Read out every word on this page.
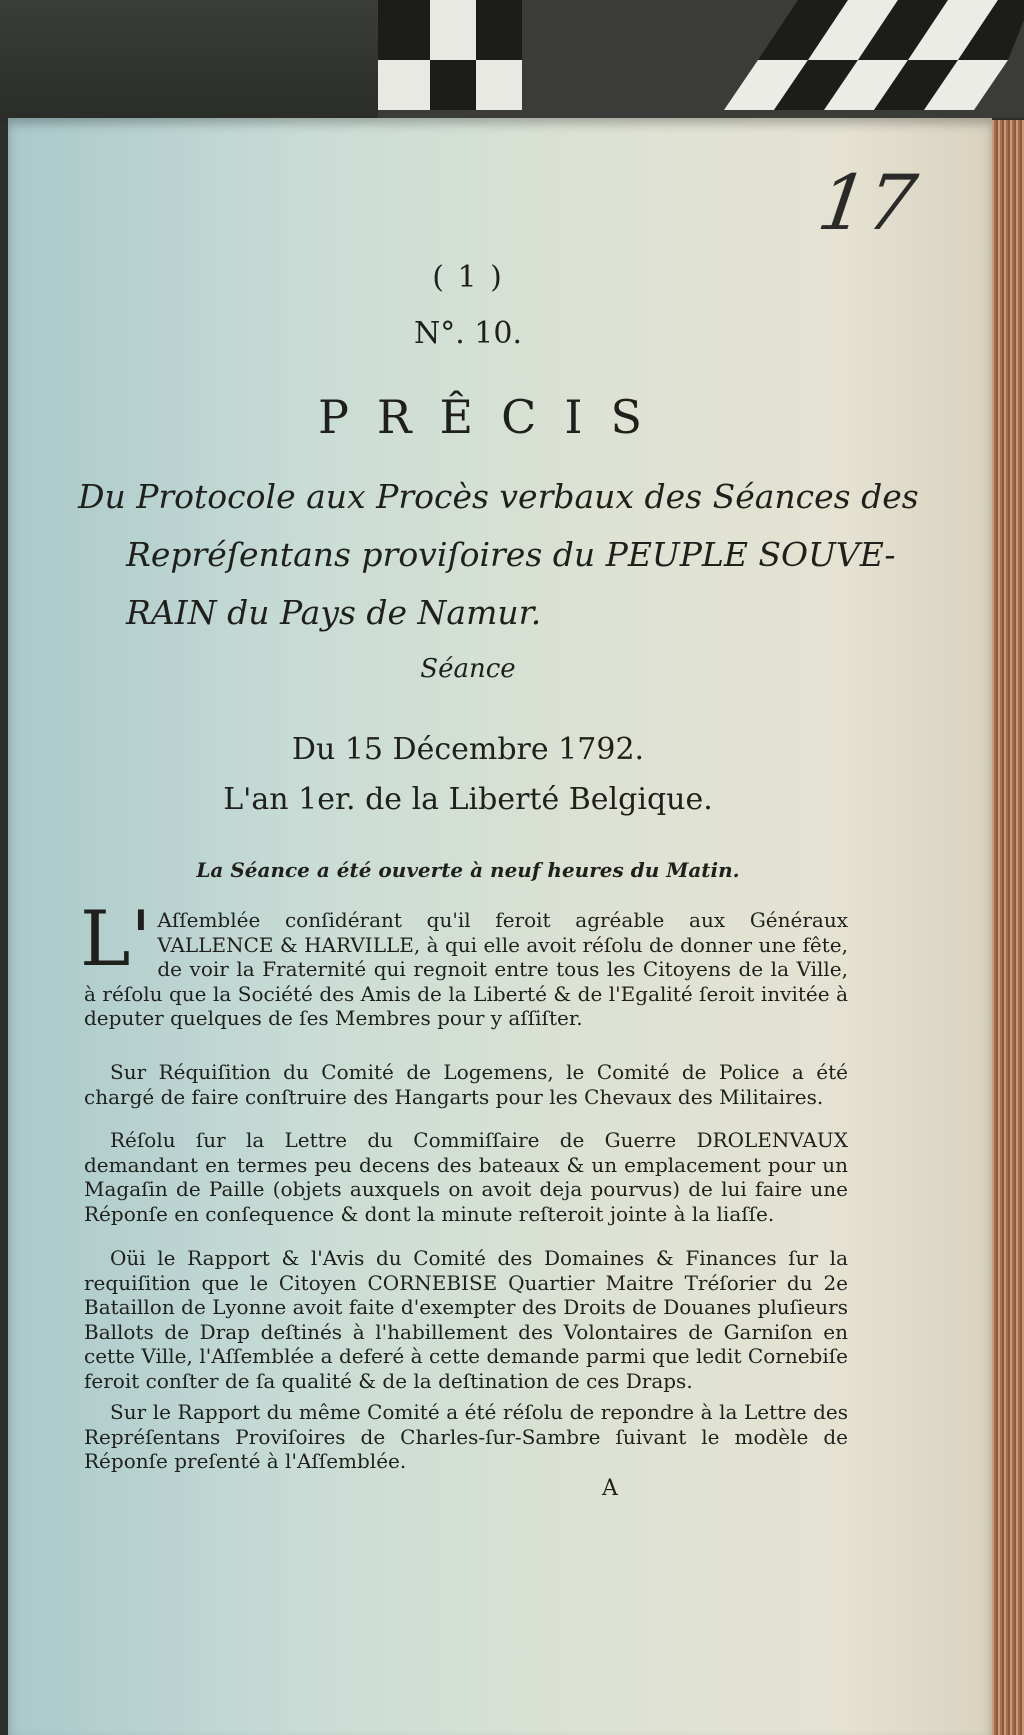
17
( 1 )
N°. 10.
PRÊCIS
Du Protocole aux Procès verbaux des Séances des
Repréſentans proviſoires du PEUPLE SOUVE-
RAIN du Pays de Namur.
Séance
Du 15 Décembre 1792.
L'an 1er. de la Liberté Belgique.
La Séance a été ouverte à neuf heures du Matin.
L' Aſſemblée conſidérant qu'il feroit agréable aux Généraux VALLENCE & HARVILLE, à qui elle avoit réſolu de donner une fête, de voir la Fraternité qui regnoit entre tous les Citoyens de la Ville, à réſolu que la Société des Amis de la Liberté & de l'Egalité ſeroit invitée à deputer quelques de ſes Membres pour y aſſiſter.
Sur Réquiſition du Comité de Logemens, le Comité de Police a été chargé de faire conſtruire des Hangarts pour les Chevaux des Militaires.
Réſolu ſur la Lettre du Commiſſaire de Guerre DROLENVAUX demandant en termes peu decens des bateaux & un emplacement pour un Magaſin de Paille (objets auxquels on avoit deja pourvus) de lui faire une Réponſe en conſequence & dont la minute reſteroit jointe à la liaſſe.
Oüi le Rapport & l'Avis du Comité des Domaines & Finances ſur la requiſition que le Citoyen CORNEBISE Quartier Maitre Tréſorier du 2e Bataillon de Lyonne avoit faite d'exempter des Droits de Douanes pluſieurs Ballots de Drap deſtinés à l'habillement des Volontaires de Garniſon en cette Ville, l'Aſſemblée a deferé à cette demande parmi que ledit Cornebiſe feroit conſter de ſa qualité & de la deſtination de ces Draps.
Sur le Rapport du même Comité a été réſolu de repondre à la Lettre des Repréſentans Proviſoires de Charles-ſur-Sambre ſuivant le modèle de Réponſe preſenté à l'Aſſemblée.
A
